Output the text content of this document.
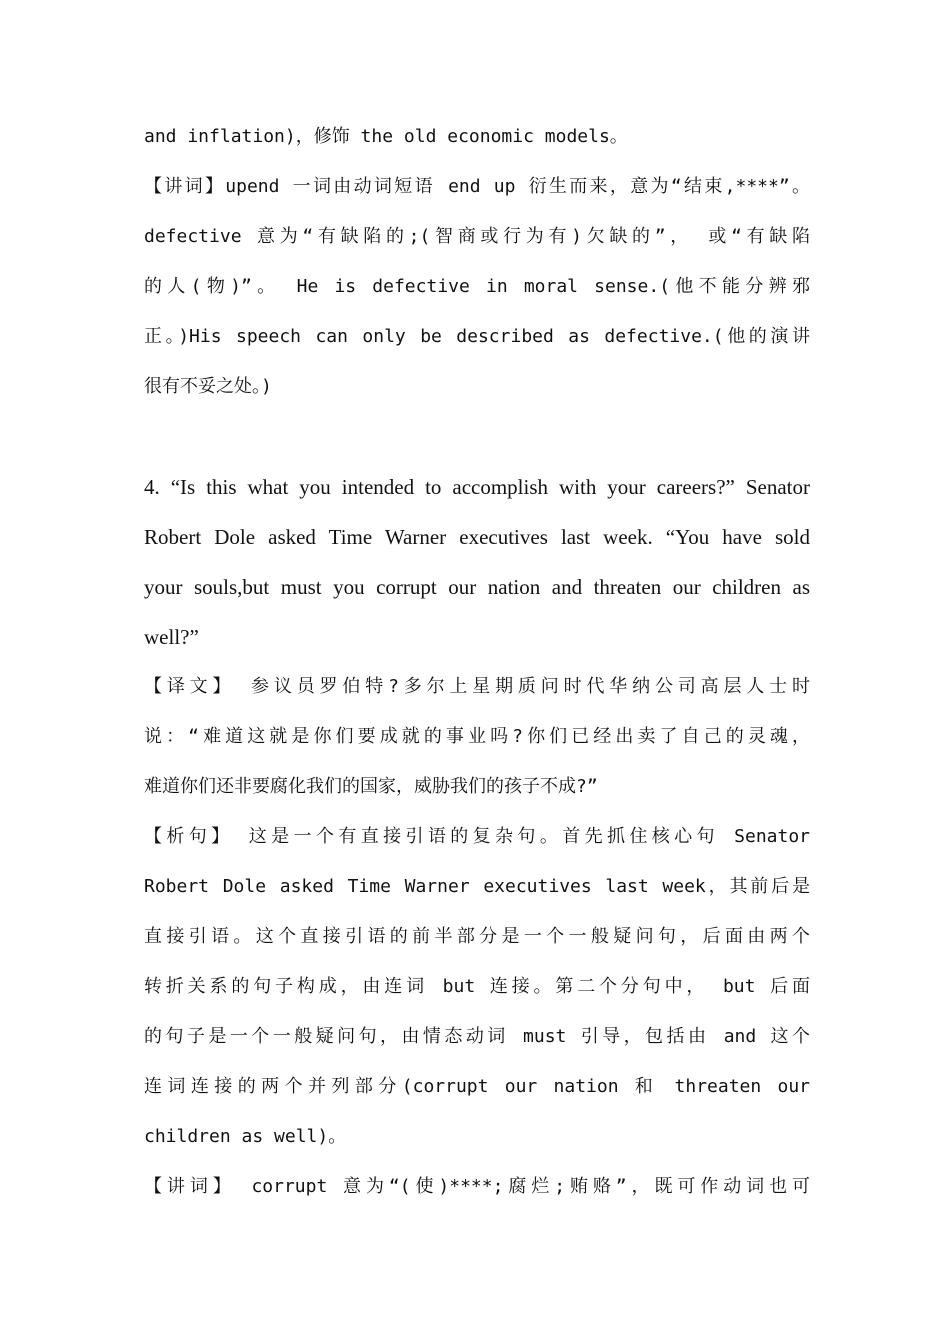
and inflation)，修饰 the old economic models。
【讲词】upend 一词由动词短语 end up 衍生而来，意为“结束,****”。
defective 意为“有缺陷的;(智商或行为有)欠缺的”， 或“有缺陷
的人(物)”。 He is defective in moral sense.(他不能分辨邪
正。)His speech can only be described as defective.(他的演讲
很有不妥之处。)
4. “Is this what you intended to accomplish with your careers?” Senator
Robert Dole asked Time Warner executives last week. “You have sold
your souls,but must you corrupt our nation and threaten our children as
well?”
【译文】 参议员罗伯特?多尔上星期质问时代华纳公司高层人士时
说：“难道这就是你们要成就的事业吗?你们已经出卖了自己的灵魂，
难道你们还非要腐化我们的国家，威胁我们的孩子不成?”
【析句】 这是一个有直接引语的复杂句。首先抓住核心句 Senator
Robert Dole asked Time Warner executives last week，其前后是
直接引语。这个直接引语的前半部分是一个一般疑问句，后面由两个
转折关系的句子构成，由连词 but 连接。第二个分句中， but 后面
的句子是一个一般疑问句，由情态动词 must 引导，包括由 and 这个
连词连接的两个并列部分(corrupt our nation 和 threaten our
children as well)。
【讲词】 corrupt 意为“(使)****;腐烂;贿赂”，既可作动词也可
